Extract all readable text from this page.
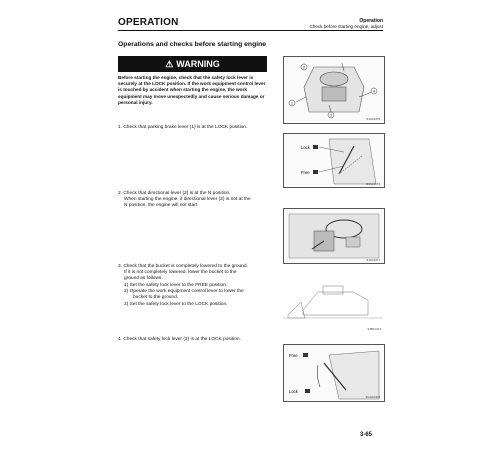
OPERATION	Operation
Check before starting engine, adjust
Operations and checks before starting engine
⚠ WARNING
Before starting the engine, check that the safety lock lever is securely at the LOCK position. If the work equipment control lever is touched by accident when starting the engine, the work equipment may move unexpectedly and cause serious damage or personal injury.
2
1
3
4
9JA04475
1. Check that parking brake lever (1) is at the LOCK position.
Lock
Free
9RA04674
2. Check that directional lever (2) is at the N position.
When starting the engine, if directional lever (2) is not at the
N position, the engine will not start.
9JA04477
3. Check that the bucket is completely lowered to the ground.
If it is not completely lowered, lower the bucket to the
ground as follows.
1) Set the safety lock lever to the FREE position.
2) Operate the work equipment control lever to lower the
bucket to the ground.
3) Set the safety lock lever to the LOCK position.
9JB01213
4. Check that safety lock lever (3) is at the LOCK position.
Free
Lock
9GA04408
3-65
